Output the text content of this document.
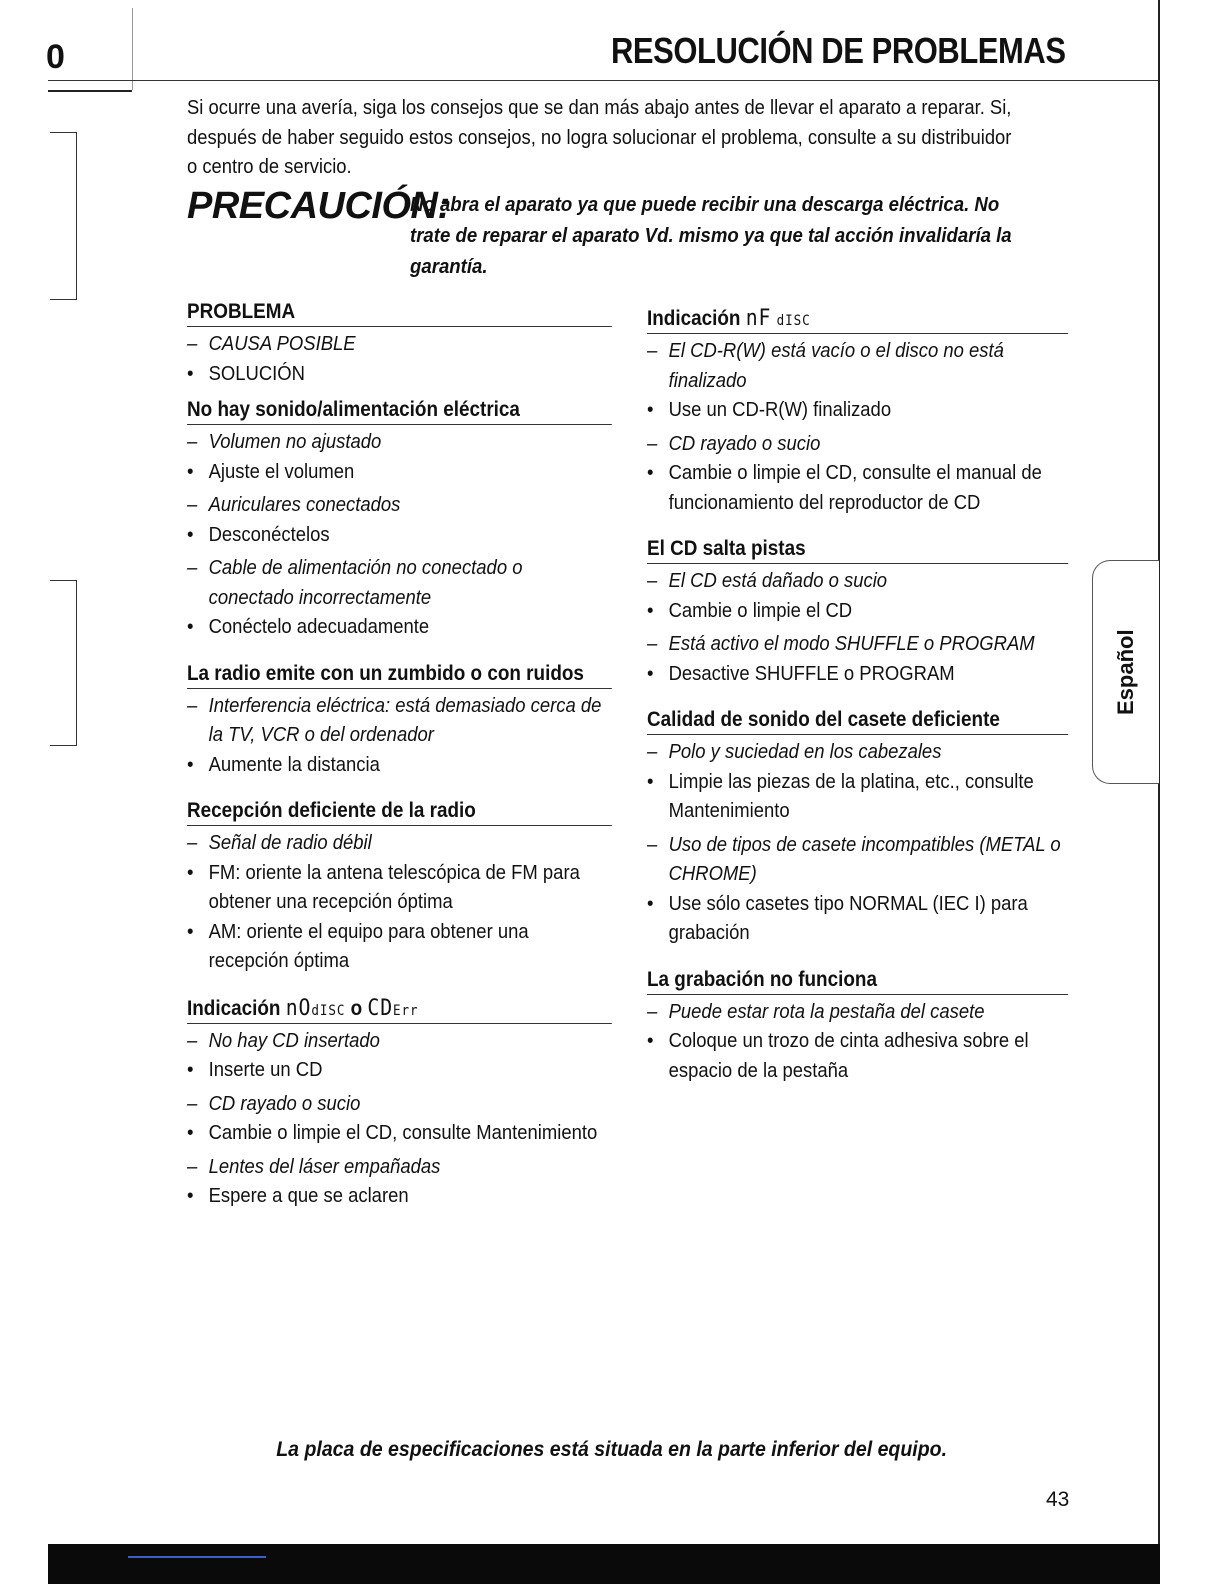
0	RESOLUCIÓN DE PROBLEMAS
Si ocurre una avería, siga los consejos que se dan más abajo antes de llevar el aparato a reparar. Si, después de haber seguido estos consejos, no logra solucionar el problema, consulte a su distribuidor o centro de servicio.
PRECAUCIÓN:
No abra el aparato ya que puede recibir una descarga eléctrica. No trate de reparar el aparato Vd. mismo ya que tal acción invalidaría la garantía.
PROBLEMA
– CAUSA POSIBLE
• SOLUCIÓN
No hay sonido/alimentación eléctrica
– Volumen no ajustado
• Ajuste el volumen
– Auriculares conectados
• Desconéctelos
– Cable de alimentación no conectado o conectado incorrectamente
• Conéctelo adecuadamente
La radio emite con un zumbido o con ruidos
– Interferencia eléctrica: está demasiado cerca de la TV, VCR o del ordenador
• Aumente la distancia
Recepción deficiente de la radio
– Señal de radio débil
• FM: oriente la antena telescópica de FM para obtener una recepción óptima
• AM: oriente el equipo para obtener una recepción óptima
Indicación nOdISC o CDErr
– No hay CD insertado
• Inserte un CD
– CD rayado o sucio
• Cambie o limpie el CD, consulte Mantenimiento
– Lentes del láser empañadas
• Espere a que se aclaren
Indicación nF dISC
– El CD-R(W) está vacío o el disco no está finalizado
• Use un CD-R(W) finalizado
– CD rayado o sucio
• Cambie o limpie el CD, consulte el manual de funcionamiento del reproductor de CD
El CD salta pistas
– El CD está dañado o sucio
• Cambie o limpie el CD
– Está activo el modo SHUFFLE o PROGRAM
• Desactive SHUFFLE o PROGRAM
Calidad de sonido del casete deficiente
– Polo y suciedad en los cabezales
• Limpie las piezas de la platina, etc., consulte Mantenimiento
– Uso de tipos de casete incompatibles (METAL o CHROME)
• Use sólo casetes tipo NORMAL (IEC I) para grabación
La grabación no funciona
– Puede estar rota la pestaña del casete
• Coloque un trozo de cinta adhesiva sobre el espacio de la pestaña
Español
La placa de especificaciones está situada en la parte inferior del equipo.
43
